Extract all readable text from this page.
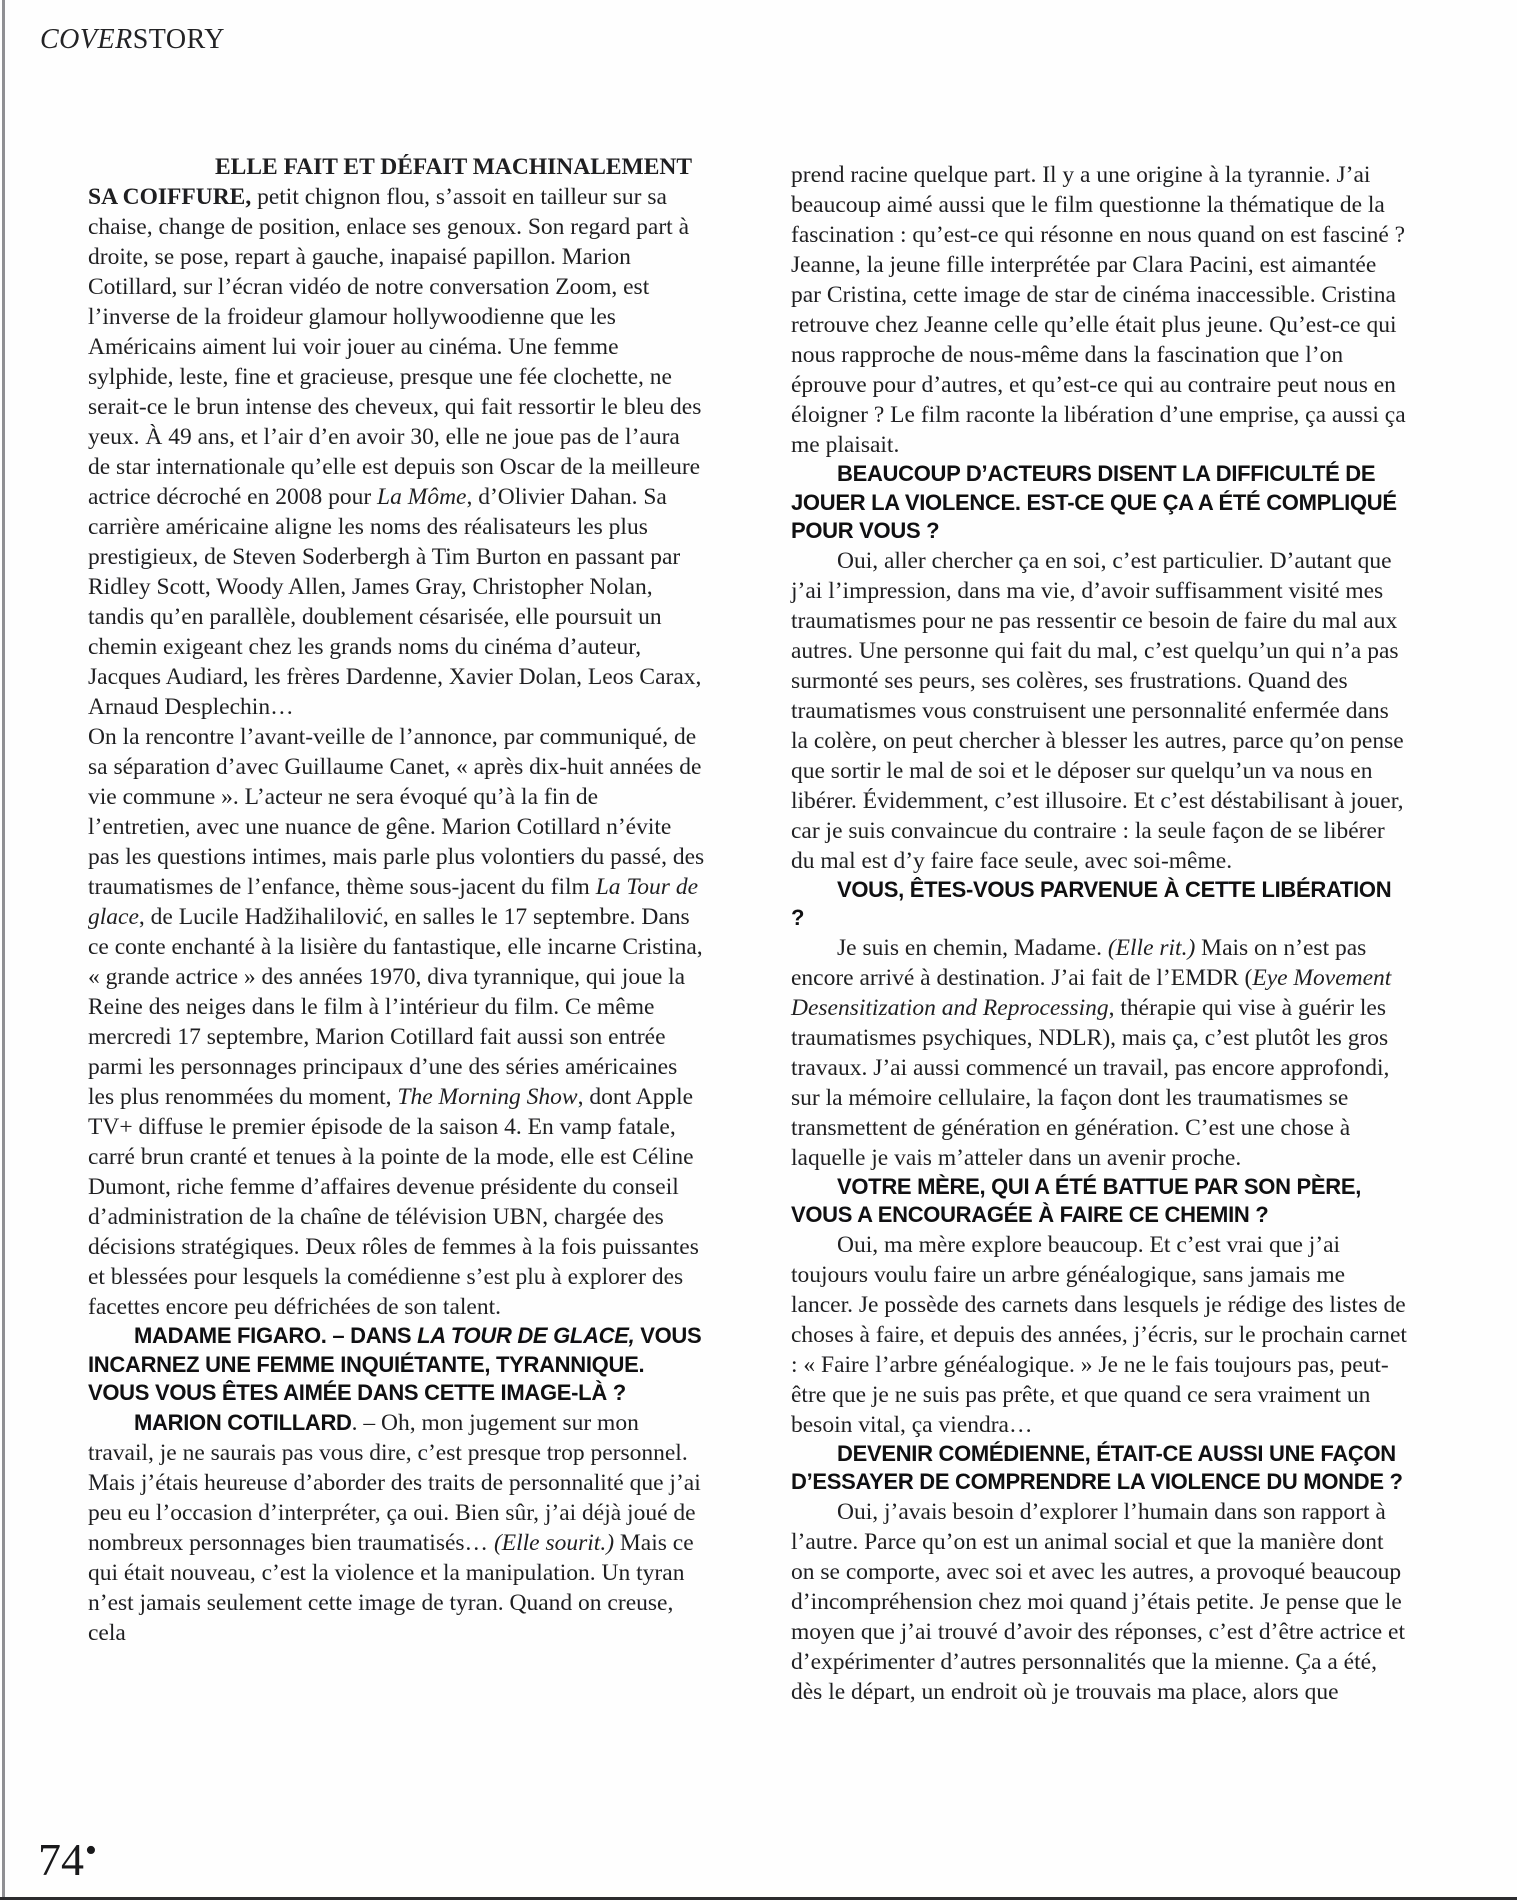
COVERSTORY

ELLE FAIT ET DÉFAIT MACHINALEMENT SA COIFFURE, petit chignon flou, s’assoit en tailleur sur sa chaise, change de position, enlace ses genoux. Son regard part à droite, se pose, repart à gauche, inapaisé papillon. Marion Cotillard, sur l’écran vidéo de notre conversation Zoom, est l’inverse de la froideur glamour hollywoodienne que les Américains aiment lui voir jouer au cinéma. Une femme sylphide, leste, fine et gracieuse, presque une fée clochette, ne serait-ce le brun intense des cheveux, qui fait ressortir le bleu des yeux. À 49 ans, et l’air d’en avoir 30, elle ne joue pas de l’aura de star internationale qu’elle est depuis son Oscar de la meilleure actrice décroché en 2008 pour La Môme, d’Olivier Dahan. Sa carrière américaine aligne les noms des réalisateurs les plus prestigieux, de Steven Soderbergh à Tim Burton en passant par Ridley Scott, Woody Allen, James Gray, Christopher Nolan, tandis qu’en parallèle, doublement césarisée, elle poursuit un chemin exigeant chez les grands noms du cinéma d’auteur, Jacques Audiard, les frères Dardenne, Xavier Dolan, Leos Carax, Arnaud Desplechin…

On la rencontre l’avant-veille de l’annonce, par communiqué, de sa séparation d’avec Guillaume Canet, « après dix-huit années de vie commune ». L’acteur ne sera évoqué qu’à la fin de l’entretien, avec une nuance de gêne. Marion Cotillard n’évite pas les questions intimes, mais parle plus volontiers du passé, des traumatismes de l’enfance, thème sous-jacent du film La Tour de glace, de Lucile Hadžihalilović, en salles le 17 septembre. Dans ce conte enchanté à la lisière du fantastique, elle incarne Cristina, « grande actrice » des années 1970, diva tyrannique, qui joue la Reine des neiges dans le film à l’intérieur du film. Ce même mercredi 17 septembre, Marion Cotillard fait aussi son entrée parmi les personnages principaux d’une des séries américaines les plus renommées du moment, The Morning Show, dont Apple TV+ diffuse le premier épisode de la saison 4. En vamp fatale, carré brun cranté et tenues à la pointe de la mode, elle est Céline Dumont, riche femme d’affaires devenue présidente du conseil d’administration de la chaîne de télévision UBN, chargée des décisions stratégiques. Deux rôles de femmes à la fois puissantes et blessées pour lesquels la comédienne s’est plu à explorer des facettes encore peu défrichées de son talent.

MADAME FIGARO. – DANS LA TOUR DE GLACE, VOUS INCARNEZ UNE FEMME INQUIÉTANTE, TYRANNIQUE. VOUS VOUS ÊTES AIMÉE DANS CETTE IMAGE-LÀ ?

MARION COTILLARD. – Oh, mon jugement sur mon travail, je ne saurais pas vous dire, c’est presque trop personnel. Mais j’étais heureuse d’aborder des traits de personnalité que j’ai peu eu l’occasion d’interpréter, ça oui. Bien sûr, j’ai déjà joué de nombreux personnages bien traumatisés… (Elle sourit.) Mais ce qui était nouveau, c’est la violence et la manipulation. Un tyran n’est jamais seulement cette image de tyran. Quand on creuse, cela

prend racine quelque part. Il y a une origine à la tyrannie. J’ai beaucoup aimé aussi que le film questionne la thématique de la fascination : qu’est-ce qui résonne en nous quand on est fasciné ? Jeanne, la jeune fille interprétée par Clara Pacini, est aimantée par Cristina, cette image de star de cinéma inaccessible. Cristina retrouve chez Jeanne celle qu’elle était plus jeune. Qu’est-ce qui nous rapproche de nous-même dans la fascination que l’on éprouve pour d’autres, et qu’est-ce qui au contraire peut nous en éloigner ? Le film raconte la libération d’une emprise, ça aussi ça me plaisait.

BEAUCOUP D’ACTEURS DISENT LA DIFFICULTÉ DE JOUER LA VIOLENCE. EST-CE QUE ÇA A ÉTÉ COMPLIQUÉ POUR VOUS ?

Oui, aller chercher ça en soi, c’est particulier. D’autant que j’ai l’impression, dans ma vie, d’avoir suffisamment visité mes traumatismes pour ne pas ressentir ce besoin de faire du mal aux autres. Une personne qui fait du mal, c’est quelqu’un qui n’a pas surmonté ses peurs, ses colères, ses frustrations. Quand des traumatismes vous construisent une personnalité enfermée dans la colère, on peut chercher à blesser les autres, parce qu’on pense que sortir le mal de soi et le déposer sur quelqu’un va nous en libérer. Évidemment, c’est illusoire. Et c’est déstabilisant à jouer, car je suis convaincue du contraire : la seule façon de se libérer du mal est d’y faire face seule, avec soi-même.

VOUS, ÊTES-VOUS PARVENUE À CETTE LIBÉRATION ?

Je suis en chemin, Madame. (Elle rit.) Mais on n’est pas encore arrivé à destination. J’ai fait de l’EMDR (Eye Movement Desensitization and Reprocessing, thérapie qui vise à guérir les traumatismes psychiques, NDLR), mais ça, c’est plutôt les gros travaux. J’ai aussi commencé un travail, pas encore approfondi, sur la mémoire cellulaire, la façon dont les traumatismes se transmettent de génération en génération. C’est une chose à laquelle je vais m’atteler dans un avenir proche.

VOTRE MÈRE, QUI A ÉTÉ BATTUE PAR SON PÈRE, VOUS A ENCOURAGÉE À FAIRE CE CHEMIN ?

Oui, ma mère explore beaucoup. Et c’est vrai que j’ai toujours voulu faire un arbre généalogique, sans jamais me lancer. Je possède des carnets dans lesquels je rédige des listes de choses à faire, et depuis des années, j’écris, sur le prochain carnet : « Faire l’arbre généalogique. » Je ne le fais toujours pas, peut-être que je ne suis pas prête, et que quand ce sera vraiment un besoin vital, ça viendra…

DEVENIR COMÉDIENNE, ÉTAIT-CE AUSSI UNE FAÇON D’ESSAYER DE COMPRENDRE LA VIOLENCE DU MONDE ?

Oui, j’avais besoin d’explorer l’humain dans son rapport à l’autre. Parce qu’on est un animal social et que la manière dont on se comporte, avec soi et avec les autres, a provoqué beaucoup d’incompréhension chez moi quand j’étais petite. Je pense que le moyen que j’ai trouvé d’avoir des réponses, c’est d’être actrice et d’expérimenter d’autres personnalités que la mienne. Ça a été, dès le départ, un endroit où je trouvais ma place, alors que

74•
